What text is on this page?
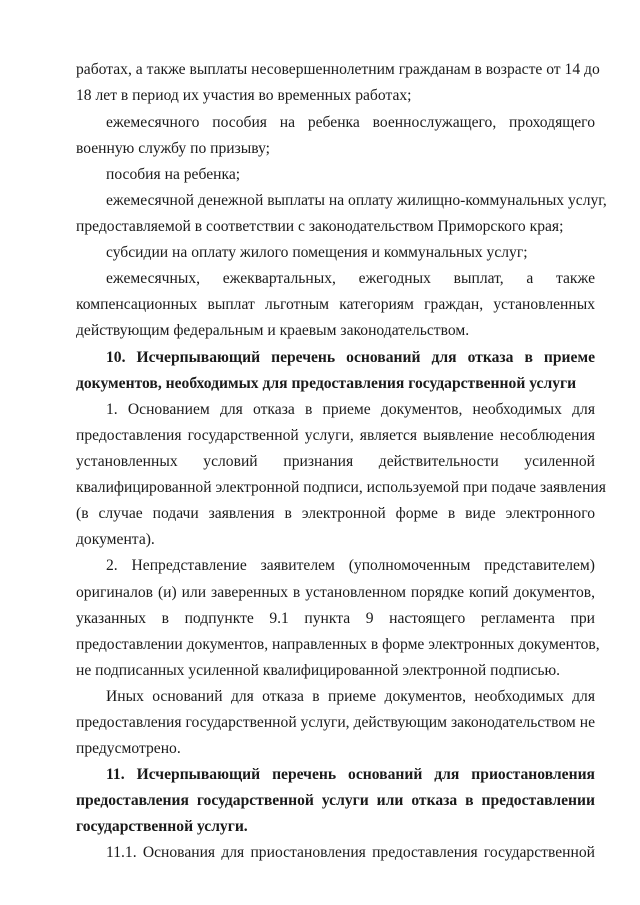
работах, а также выплаты несовершеннолетним гражданам в возрасте от 14 до
18 лет в период их участия во временных работах;
ежемесячного пособия на ребенка военнослужащего, проходящего
военную службу по призыву;
пособия на ребенка;
ежемесячной денежной выплаты на оплату жилищно-коммунальных услуг,
предоставляемой в соответствии с законодательством Приморского края;
субсидии на оплату жилого помещения и коммунальных услуг;
ежемесячных, ежеквартальных, ежегодных выплат, а также
компенсационных выплат льготным категориям граждан, установленных
действующим федеральным и краевым законодательством.
10. Исчерпывающий перечень оснований для отказа в приеме
документов, необходимых для предоставления государственной услуги
1. Основанием для отказа в приеме документов, необходимых для
предоставления государственной услуги, является выявление несоблюдения
установленных условий признания действительности усиленной
квалифицированной электронной подписи, используемой при подаче заявления
(в случае подачи заявления в электронной форме в виде электронного
документа).
2. Непредставление заявителем (уполномоченным представителем)
оригиналов (и) или заверенных в установленном порядке копий документов,
указанных в подпункте 9.1 пункта 9 настоящего регламента при
предоставлении документов, направленных в форме электронных документов,
не подписанных усиленной квалифицированной электронной подписью.
Иных оснований для отказа в приеме документов, необходимых для
предоставления государственной услуги, действующим законодательством не
предусмотрено.
11. Исчерпывающий перечень оснований для приостановления
предоставления государственной услуги или отказа в предоставлении
государственной услуги.
11.1. Основания для приостановления предоставления государственной
